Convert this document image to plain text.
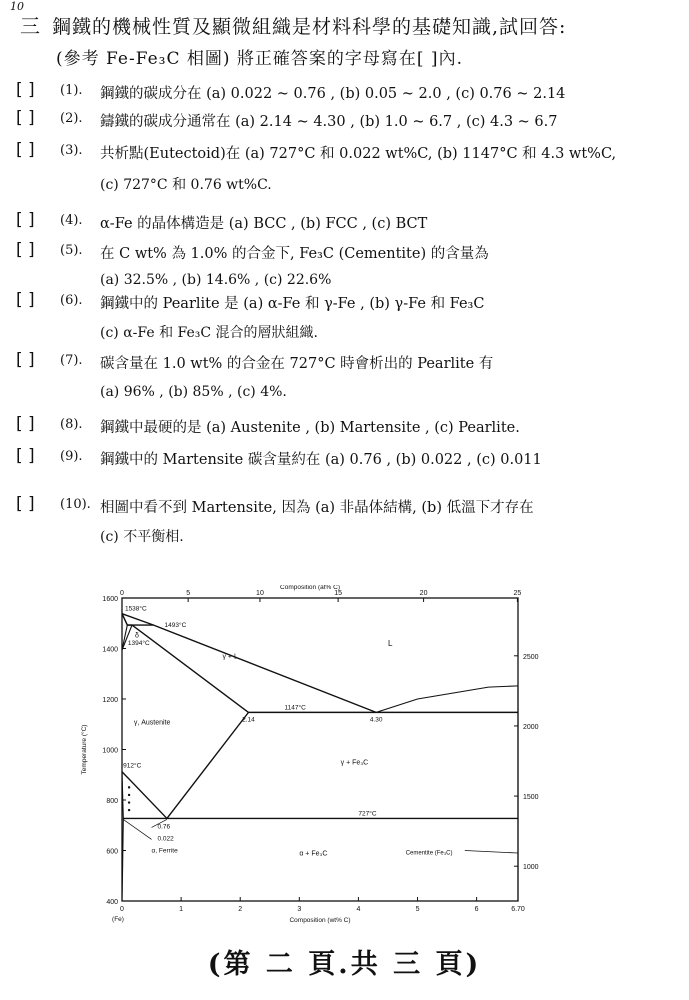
10
三 鋼鐵的機械性質及顯微組織是材料科學的基礎知識,試回答:
(參考 Fe-Fe₃C 相圖) 將正確答案的字母寫在[ ]內.
[ ] (1). 鋼鐵的碳成分在 (a) 0.022 ~ 0.76 , (b) 0.05 ~ 2.0 , (c) 0.76 ~ 2.14
[ ] (2). 鑄鐵的碳成分通常在 (a) 2.14 ~ 4.30 , (b) 1.0 ~ 6.7 , (c) 4.3 ~ 6.7
[ ] (3). 共析點(Eutectoid)在 (a) 727°C 和 0.022 wt%C, (b) 1147°C 和 4.3 wt%C,
(c) 727°C 和 0.76 wt%C.
[ ] (4). α-Fe 的晶体構造是 (a) BCC , (b) FCC , (c) BCT
[ ] (5). 在 C wt% 為 1.0% 的合金下, Fe₃C (Cementite) 的含量為
(a) 32.5% , (b) 14.6% , (c) 22.6%
[ ] (6). 鋼鐵中的 Pearlite 是 (a) α-Fe 和 γ-Fe , (b) γ-Fe 和 Fe₃C
(c) α-Fe 和 Fe₃C 混合的層狀組織.
[ ] (7). 碳含量在 1.0 wt% 的合金在 727°C 時會析出的 Pearlite 有
(a) 96% , (b) 85% , (c) 4%.
[ ] (8). 鋼鐵中最硬的是 (a) Austenite , (b) Martensite , (c) Pearlite.
[ ] (9). 鋼鐵中的 Martensite 碳含量約在 (a) 0.76 , (b) 0.022 , (c) 0.011
[ ] (10). 相圖中看不到 Martensite, 因為 (a) 非晶体結構, (b) 低溫下才存在
(c) 不平衡相.
0	1	2	3	4	5	6	6.70
Composition (wt% C)
(Fe)
0	5	10	15	20	25
Composition (at% C)
400
600
800
1000
1200
1400
1600
Temperature (°C)
1000
1500
2000
2500
1538°C
1493°C
1394°C
δ
L
γ + L
γ, Austenite
1147°C
2.14	4.30
912°C	γ + Fe₃C
727°C
0.76
0.022
α, Ferrite	α + Fe₃C	Cementite (Fe₃C)
(第 二 頁.共 三 頁)
